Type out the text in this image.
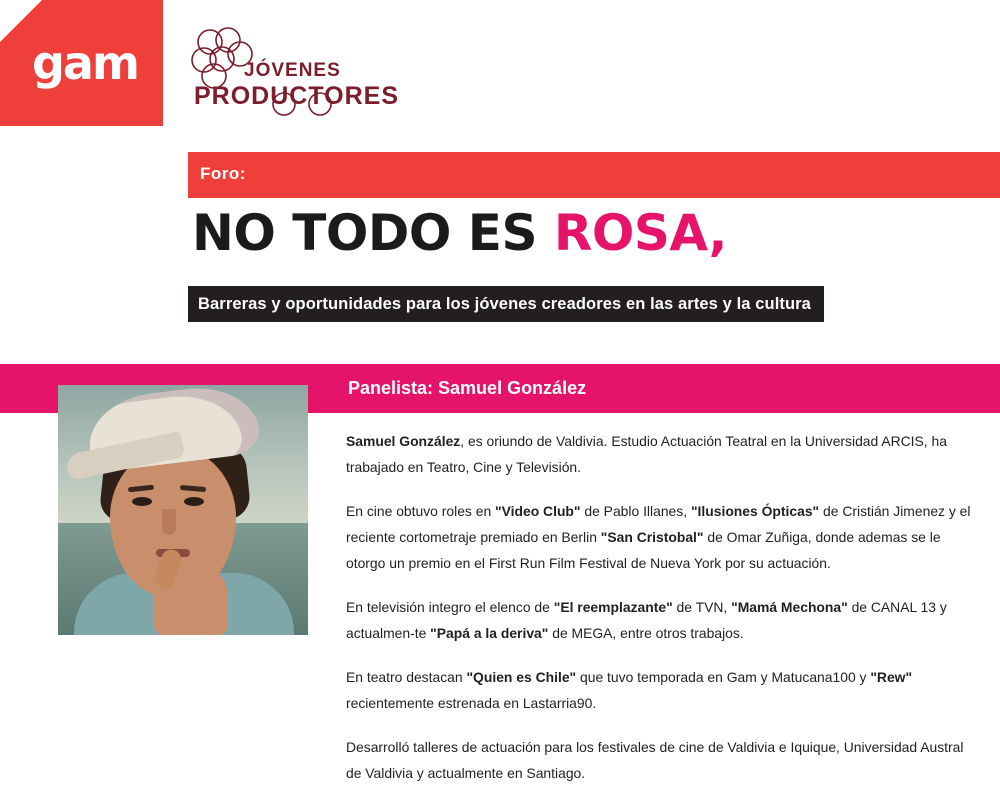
gam	JÓVENES
PRODUCTORES
Foro:
NO TODO ES ROSA,
Barreras y oportunidades para los jóvenes creadores en las artes y la cultura
Panelista: Samuel González

Samuel González, es oriundo de Valdivia. Estudio Actuación Teatral en la Universidad ARCIS, ha trabajado en Teatro, Cine y Televisión.

En cine obtuvo roles en "Video Club" de Pablo Illanes, "Ilusiones Ópticas" de Cristián Jimenez y el reciente cortometraje premiado en Berlin "San Cristobal" de Omar Zuñiga, donde ademas se le otorgo un premio en el First Run Film Festival de Nueva York por su actuación.

En televisión integro el elenco de "El reemplazante" de TVN, "Mamá Mechona" de CANAL 13 y actualmen-te "Papá a la deriva" de MEGA, entre otros trabajos.

En teatro destacan "Quien es Chile" que tuvo temporada en Gam y Matucana100 y "Rew" recientemente estrenada en Lastarria90.

Desarrolló talleres de actuación para los festivales de cine de Valdivia e Iquique, Universidad Austral de Valdivia y actualmente en Santiago.
